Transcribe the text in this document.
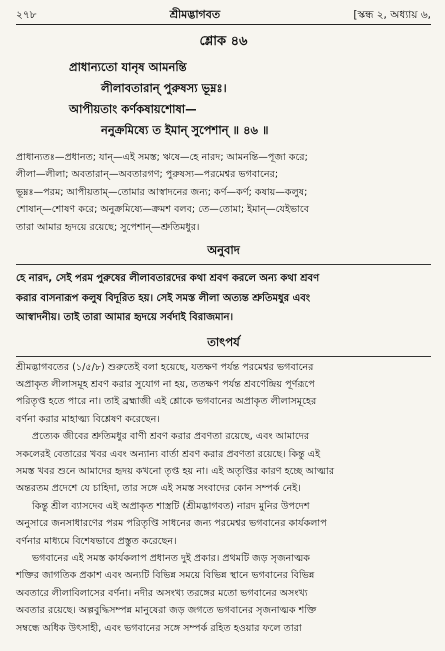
২৭৮	শ্রীমদ্ভাগবত	[স্কন্ধ ২, অধ্যায় ৬,
শ্লোক ৪৬
প্রাধান্যতো যানৃষ আমনন্তি
লীলাবতারান্ পুরুষস্য ভূম্নঃ।
আপীয়তাং কর্ণকষায়শোষা—
ননুক্রমিষ্যে ত ইমান্ সুপেশান্ ॥ ৪৬ ॥
প্রাধান্যতঃ—প্রধানত; যান্—এই সমস্ত; ঋষে—হে নারদ; আমনন্তি—পূজা করে;
লীলা—লীলা; অবতারান্—অবতারগণ; পুরুষস্য—পরমেশ্বর ভগবানের;
ভূম্নঃ—পরম; আপীয়তাম্—তোমার আস্বাদনের জন্য; কর্ণ—কর্ণ; কষায়—কলুষ;
শোষান্—শোষণ করে; অনুক্রমিষ্যে—ক্রমশ বলব; তে—তোমা; ইমান্—যেইভাবে
তারা আমার হৃদয়ে রয়েছে; সুপেশান্—শ্রুতিমধুর।
অনুবাদ
হে নারদ, সেই পরম পুরুষের লীলাবতারদের কথা শ্রবণ করলে অন্য কথা শ্রবণ
করার বাসনারূপ কলুষ বিদূরিত হয়। সেই সমস্ত লীলা অত্যন্ত শ্রুতিমধুর এবং
আস্বাদনীয়। তাই তারা আমার হৃদয়ে সর্বদাই বিরাজমান।
তাৎপর্য

শ্রীমদ্ভাগবতের (১/৫/৮) শুরুতেই বলা হয়েছে, যতক্ষণ পর্যন্ত পরমেশ্বর ভগবানের
অপ্রাকৃত লীলাসমূহ শ্রবণ করার সুযোগ না হয়, ততক্ষণ পর্যন্ত শ্রবণেন্দ্রিয় পূর্ণরূপে
পরিতৃপ্ত হতে পারে না। তাই ব্রহ্মাজী এই শ্লোকে ভগবানের অপ্রাকৃত লীলাসমূহের
বর্ণনা করার মাহাত্ম্য বিশ্লেষণ করেছেন।

প্রত্যেক জীবের শ্রুতিমধুর বাণী শ্রবণ করার প্রবণতা রয়েছে, এবং আমাদের
সকলেরই বেতারের খবর এবং অন্যান্য বার্তা শ্রবণ করার প্রবণতা রয়েছে। কিন্তু এই
সমস্ত খবর শুনে আমাদের হৃদয় কখনো তৃপ্ত হয় না। এই অতৃপ্তির কারণ হচ্ছে আত্মার
অন্তরতম প্রদেশে যে চাহিদা, তার সঙ্গে এই সমস্ত সংবাদের কোন সম্পর্ক নেই।

কিন্তু শ্রীল ব্যাসদেব এই অপ্রাকৃত শাস্ত্রটি (শ্রীমদ্ভাগবত) নারদ মুনির উপদেশ
অনুসারে জনসাধারণের পরম পরিতৃপ্তি সাধনের জন্য পরমেশ্বর ভগবানের কার্যকলাপ
বর্ণনার মাধ্যমে বিশেষভাবে প্রস্তুত করেছেন।

ভগবানের এই সমস্ত কার্যকলাপ প্রধানত দুই প্রকার। প্রথমটি জড় সৃজনাত্মক
শক্তির জাগতিক প্রকাশ এবং অন্যটি বিভিন্ন সময়ে বিভিন্ন স্থানে ভগবানের বিভিন্ন
অবতারে লীলাবিলাসের বর্ণনা। নদীর অসংখ্য তরঙ্গের মতো ভগবানের অসংখ্য
অবতার রয়েছে। অল্পবুদ্ধিসম্পন্ন মানুষেরা জড় জগতে ভগবানের সৃজনাত্মক শক্তি
সম্বন্ধে অধিক উৎসাহী, এবং ভগবানের সঙ্গে সম্পর্ক রহিত হওয়ার ফলে তারা
